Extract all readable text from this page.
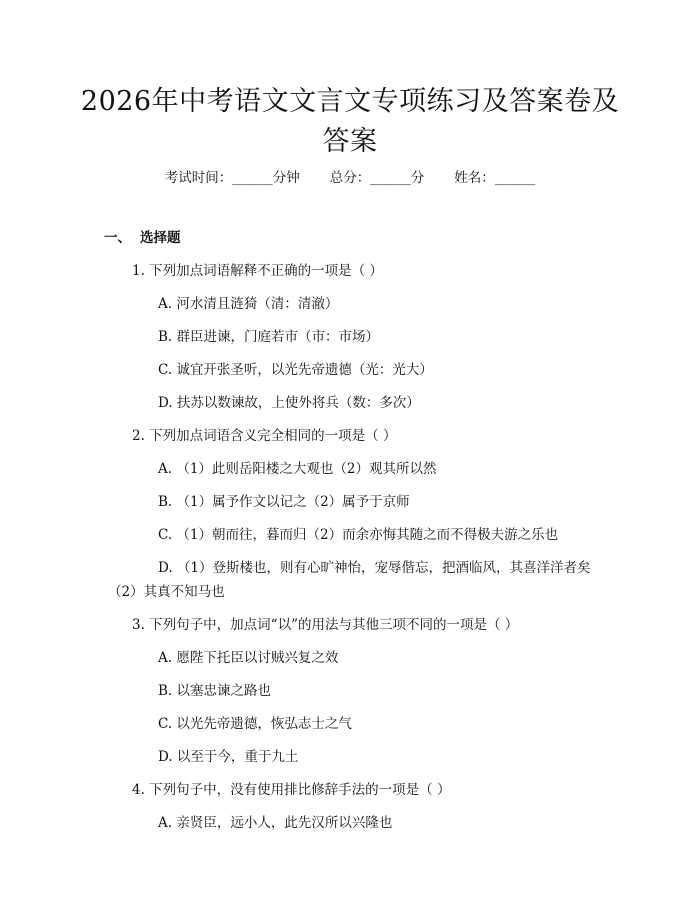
2026年中考语文文言文专项练习及答案卷及
答案
考试时间：______分钟 总分：______分 姓名：______
一、 选择题
1. 下列加点词语解释不正确的一项是（ ）
A. 河水清且涟猗（清：清澈）
B. 群臣进谏，门庭若市（市：市场）
C. 诚宜开张圣听，以光先帝遗德（光：光大）
D. 扶苏以数谏故，上使外将兵（数：多次）
2. 下列加点词语含义完全相同的一项是（ ）
A. （1）此则岳阳楼之大观也（2）观其所以然
B. （1）属予作文以记之（2）属予于京师
C. （1）朝而往，暮而归（2）而余亦悔其随之而不得极夫游之乐也
D. （1）登斯楼也，则有心旷神怡，宠辱偕忘，把酒临风，其喜洋洋者矣
（2）其真不知马也
3. 下列句子中，加点词“以”的用法与其他三项不同的一项是（ ）
A. 愿陛下托臣以讨贼兴复之效
B. 以塞忠谏之路也
C. 以光先帝遗德，恢弘志士之气
D. 以至于今，重于九土
4. 下列句子中，没有使用排比修辞手法的一项是（ ）
A. 亲贤臣，远小人，此先汉所以兴隆也
